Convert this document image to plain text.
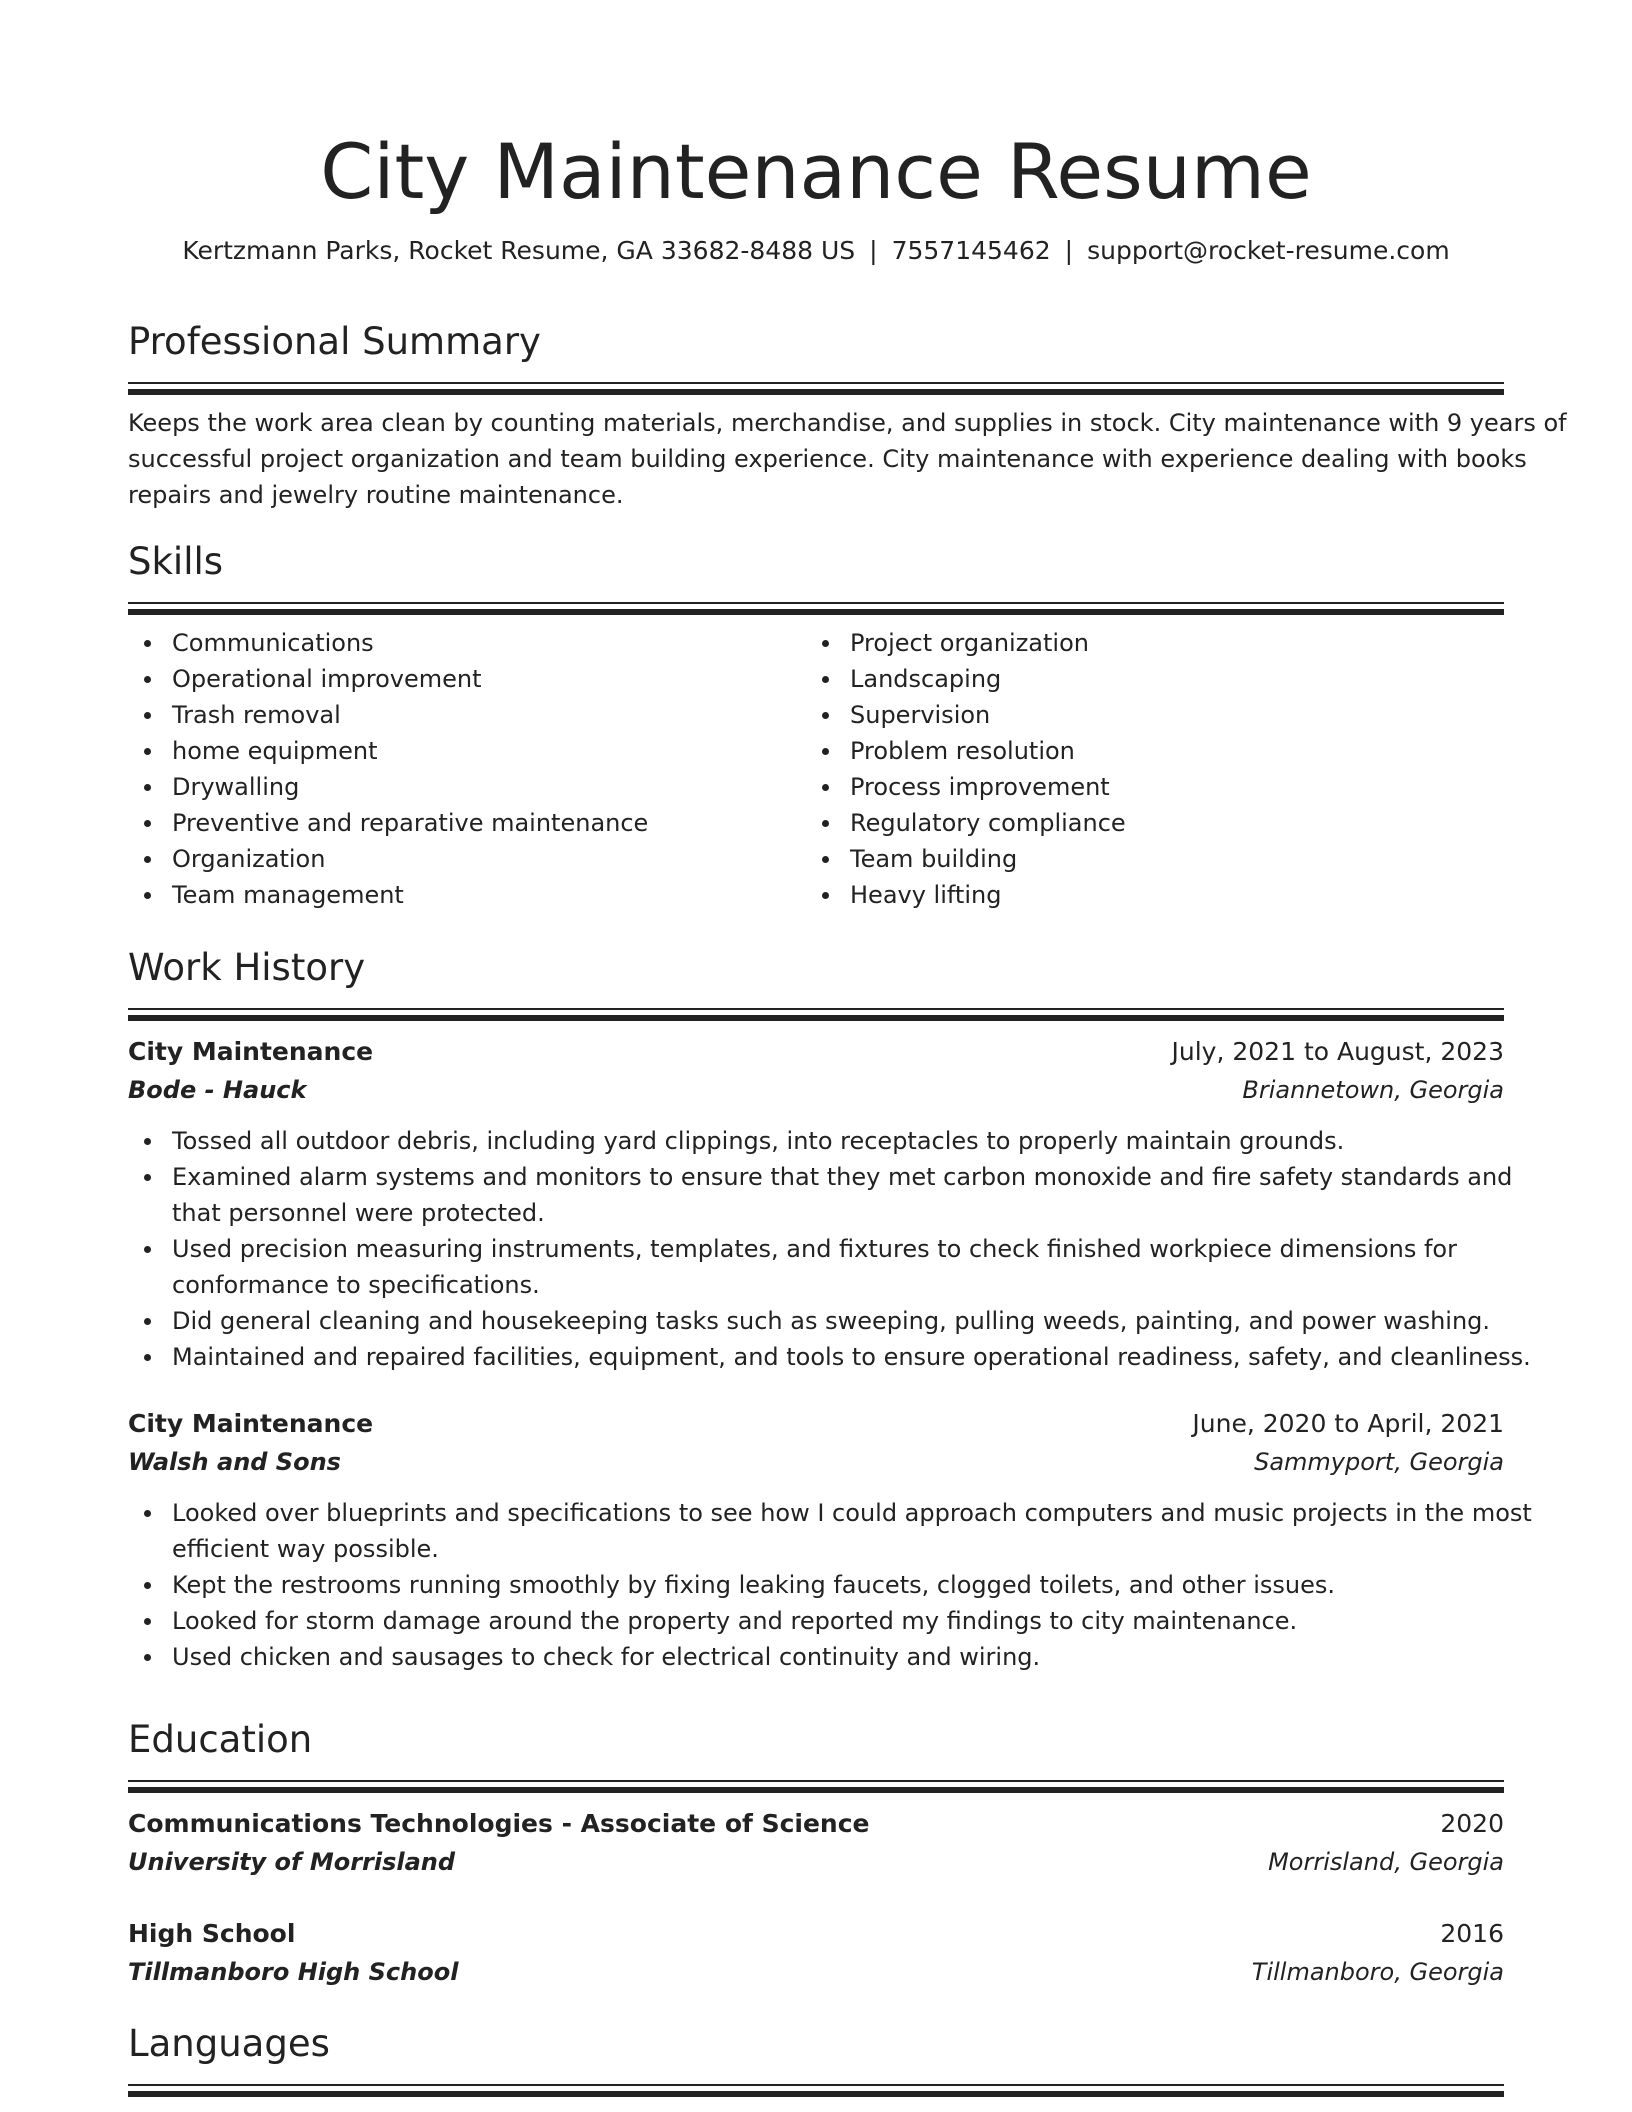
City Maintenance Resume
Kertzmann Parks, Rocket Resume, GA 33682-8488 US | 7557145462 | support@rocket-resume.com
Professional Summary
Keeps the work area clean by counting materials, merchandise, and supplies in stock. City maintenance with 9 years of
successful project organization and team building experience. City maintenance with experience dealing with books
repairs and jewelry routine maintenance.
Skills
Communications
Operational improvement
Trash removal
home equipment
Drywalling
Preventive and reparative maintenance
Organization
Team management
Project organization
Landscaping
Supervision
Problem resolution
Process improvement
Regulatory compliance
Team building
Heavy lifting
Work History
City Maintenance	July, 2021 to August, 2023
Bode - Hauck	Briannetown, Georgia
Tossed all outdoor debris, including yard clippings, into receptacles to properly maintain grounds.
Examined alarm systems and monitors to ensure that they met carbon monoxide and fire safety standards and
that personnel were protected.
Used precision measuring instruments, templates, and fixtures to check finished workpiece dimensions for
conformance to specifications.
Did general cleaning and housekeeping tasks such as sweeping, pulling weeds, painting, and power washing.
Maintained and repaired facilities, equipment, and tools to ensure operational readiness, safety, and cleanliness.
City Maintenance	June, 2020 to April, 2021
Walsh and Sons	Sammyport, Georgia
Looked over blueprints and specifications to see how I could approach computers and music projects in the most
efficient way possible.
Kept the restrooms running smoothly by fixing leaking faucets, clogged toilets, and other issues.
Looked for storm damage around the property and reported my findings to city maintenance.
Used chicken and sausages to check for electrical continuity and wiring.
Education
Communications Technologies - Associate of Science	2020
University of Morrisland	Morrisland, Georgia
High School	2016
Tillmanboro High School	Tillmanboro, Georgia
Languages
